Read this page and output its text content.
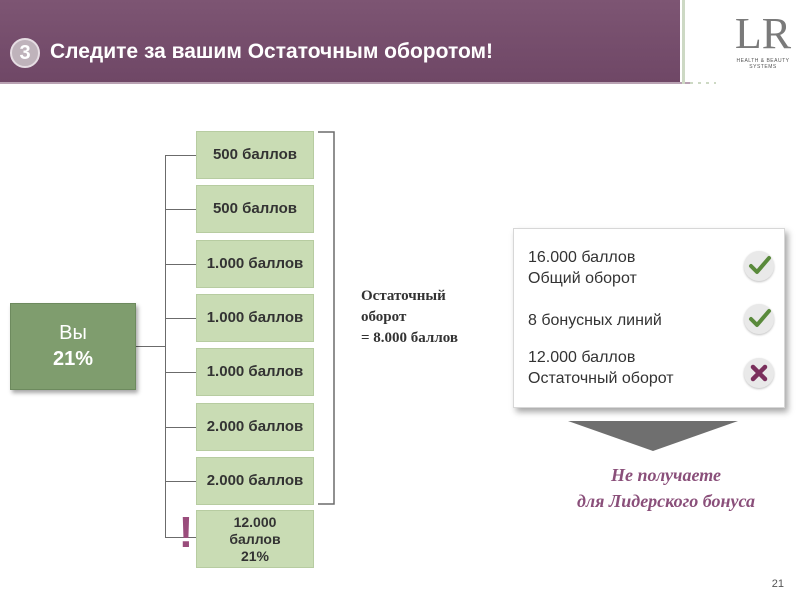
3 Следите за вашим Остаточным оборотом!	LR
HEALTH & BEAUTY SYSTEMS
Вы
21%
500 баллов
500 баллов
1.000 баллов
1.000 баллов
1.000 баллов
2.000 баллов
2.000 баллов
12.000
баллов
21%
!
Остаточный
оборот
= 8.000 баллов
16.000 баллов
Общий оборот
8 бонусных линий
12.000 баллов
Остаточный оборот
Не получаете
для Лидерского бонуса
21
